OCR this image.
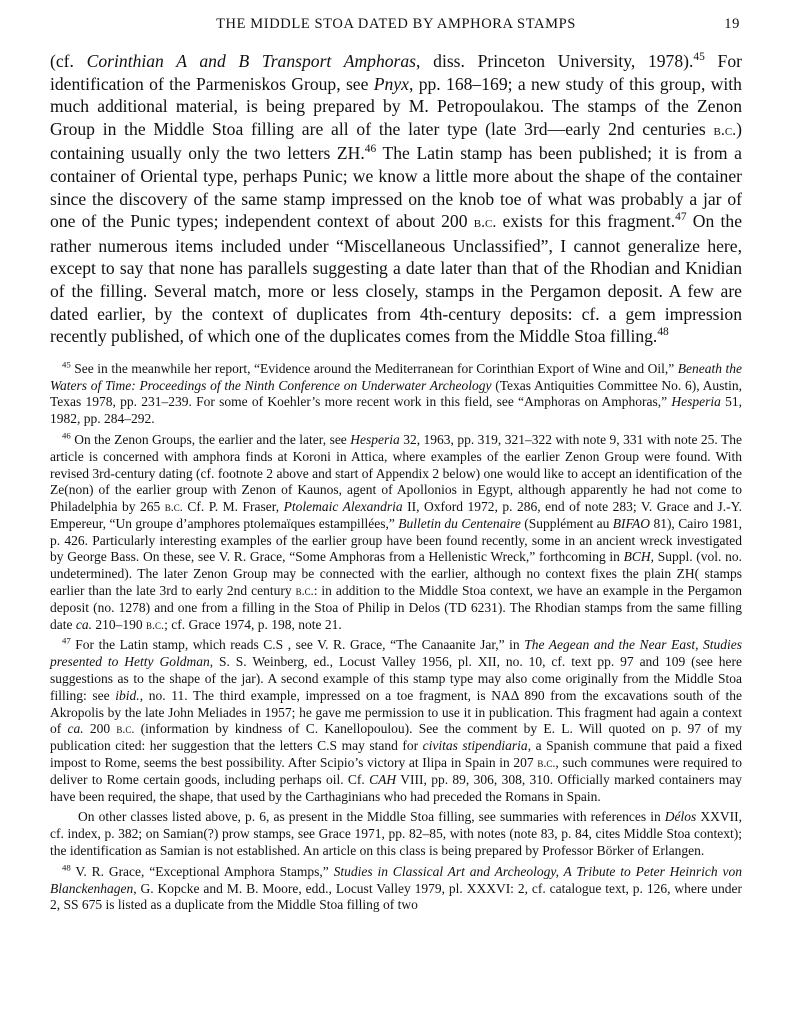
THE MIDDLE STOA DATED BY AMPHORA STAMPS	19

(cf. Corinthian A and B Transport Amphoras, diss. Princeton University, 1978).$^{45}$ For identification of the Parmeniskos Group, see Pnyx, pp. 168–169; a new study of this group, with much additional material, is being prepared by M. Petropoulakou. The stamps of the Zenon Group in the Middle Stoa filling are all of the later type (late 3rd—early 2nd centuries b.c.) containing usually only the two letters ZH.$^{46}$ The Latin stamp has been published; it is from a container of Oriental type, perhaps Punic; we know a little more about the shape of the container since the discovery of the same stamp impressed on the knob toe of what was probably a jar of one of the Punic types; independent context of about 200 b.c. exists for this fragment.$^{47}$ On the rather numerous items included under “Miscellaneous Unclassified”, I cannot generalize here, except to say that none has parallels suggesting a date later than that of the Rhodian and Knidian of the filling. Several match, more or less closely, stamps in the Pergamon deposit. A few are dated earlier, by the context of duplicates from 4th-century deposits: cf. a gem impression recently published, of which one of the duplicates comes from the Middle Stoa filling.$^{48}$

$^{45}$ See in the meanwhile her report, “Evidence around the Mediterranean for Corinthian Export of Wine and Oil,” Beneath the Waters of Time: Proceedings of the Ninth Conference on Underwater Archeology (Texas Antiquities Committee No. 6), Austin, Texas 1978, pp. 231–239. For some of Koehler’s more recent work in this field, see “Amphoras on Amphoras,” Hesperia 51, 1982, pp. 284–292.

$^{46}$ On the Zenon Groups, the earlier and the later, see Hesperia 32, 1963, pp. 319, 321–322 with note 9, 331 with note 25. The article is concerned with amphora finds at Koroni in Attica, where examples of the earlier Zenon Group were found. With revised 3rd-century dating (cf. footnote 2 above and start of Appendix 2 below) one would like to accept an identification of the Ze(non) of the earlier group with Zenon of Kaunos, agent of Apollonios in Egypt, although apparently he had not come to Philadelphia by 265 b.c. Cf. P. M. Fraser, Ptolemaic Alexandria II, Oxford 1972, p. 286, end of note 283; V. Grace and J.-Y. Empereur, “Un groupe d’amphores ptolemaïques estampillées,” Bulletin du Centenaire (Supplément au BIFAO 81), Cairo 1981, p. 426. Particularly interesting examples of the earlier group have been found recently, some in an ancient wreck investigated by George Bass. On these, see V. R. Grace, “Some Amphoras from a Hellenistic Wreck,” forthcoming in BCH, Suppl. (vol. no. undetermined). The later Zenon Group may be connected with the earlier, although no context fixes the plain ZH( stamps earlier than the late 3rd to early 2nd century b.c.: in addition to the Middle Stoa context, we have an example in the Pergamon deposit (no. 1278) and one from a filling in the Stoa of Philip in Delos (TD 6231). The Rhodian stamps from the same filling date ca. 210–190 b.c.; cf. Grace 1974, p. 198, note 21.

$^{47}$ For the Latin stamp, which reads C.S , see V. R. Grace, “The Canaanite Jar,” in The Aegean and the Near East, Studies presented to Hetty Goldman, S. S. Weinberg, ed., Locust Valley 1956, pl. XII, no. 10, cf. text pp. 97 and 109 (see here suggestions as to the shape of the jar). A second example of this stamp type may also come originally from the Middle Stoa filling: see ibid., no. 11. The third example, impressed on a toe fragment, is NAΔ 890 from the excavations south of the Akropolis by the late John Meliades in 1957; he gave me permission to use it in publication. This fragment had again a context of ca. 200 b.c. (information by kindness of C. Kanellopoulou). See the comment by E. L. Will quoted on p. 97 of my publication cited: her suggestion that the letters C.S may stand for civitas stipendiaria, a Spanish commune that paid a fixed impost to Rome, seems the best possibility. After Scipio’s victory at Ilipa in Spain in 207 b.c., such communes were required to deliver to Rome certain goods, including perhaps oil. Cf. CAH VIII, pp. 89, 306, 308, 310. Officially marked containers may have been required, the shape, that used by the Carthaginians who had preceded the Romans in Spain.

On other classes listed above, p. 6, as present in the Middle Stoa filling, see summaries with references in Délos XXVII, cf. index, p. 382; on Samian(?) prow stamps, see Grace 1971, pp. 82–85, with notes (note 83, p. 84, cites Middle Stoa context); the identification as Samian is not established. An article on this class is being prepared by Professor Börker of Erlangen.

$^{48}$ V. R. Grace, “Exceptional Amphora Stamps,” Studies in Classical Art and Archeology, A Tribute to Peter Heinrich von Blanckenhagen, G. Kopcke and M. B. Moore, edd., Locust Valley 1979, pl. XXXVI: 2, cf. catalogue text, p. 126, where under 2, SS 675 is listed as a duplicate from the Middle Stoa filling of two
